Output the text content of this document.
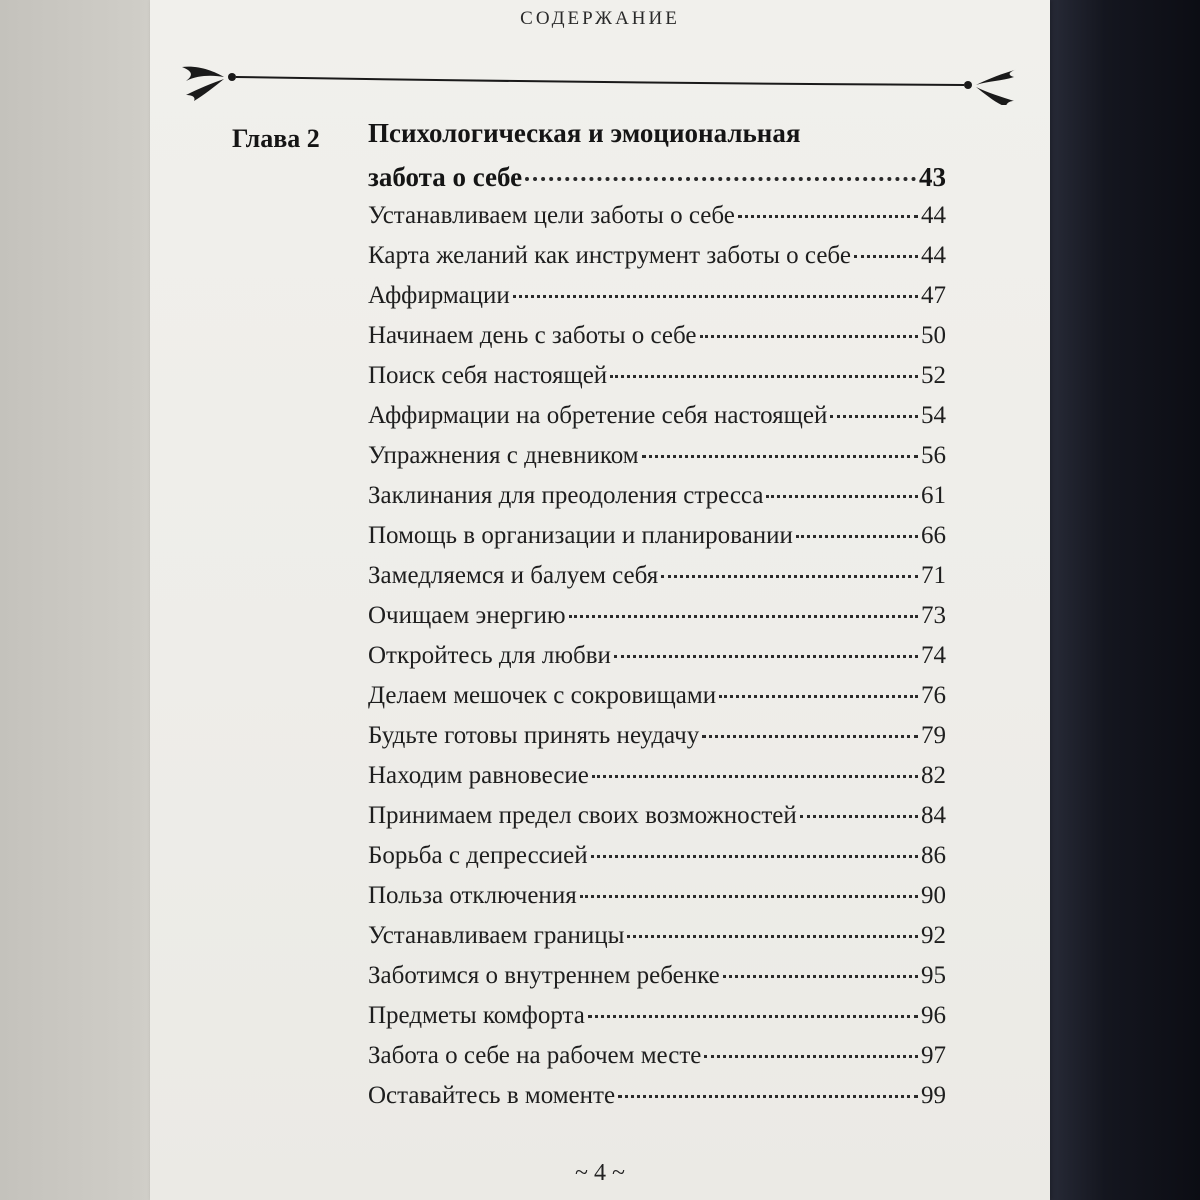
СОДЕРЖАНИЕ
Глава 2 Психологическая и эмоциональная
забота о себе	43
Устанавливаем цели заботы о себе	44
Карта желаний как инструмент заботы о себе	44
Аффирмации	47
Начинаем день с заботы о себе	50
Поиск себя настоящей	52
Аффирмации на обретение себя настоящей	54
Упражнения с дневником	56
Заклинания для преодоления стресса	61
Помощь в организации и планировании	66
Замедляемся и балуем себя	71
Очищаем энергию	73
Откройтесь для любви	74
Делаем мешочек с сокровищами	76
Будьте готовы принять неудачу	79
Находим равновесие	82
Принимаем предел своих возможностей	84
Борьба с депрессией	86
Польза отключения	90
Устанавливаем границы	92
Заботимся о внутреннем ребенке	95
Предметы комфорта	96
Забота о себе на рабочем месте	97
Оставайтесь в моменте	99
~ 4 ~
